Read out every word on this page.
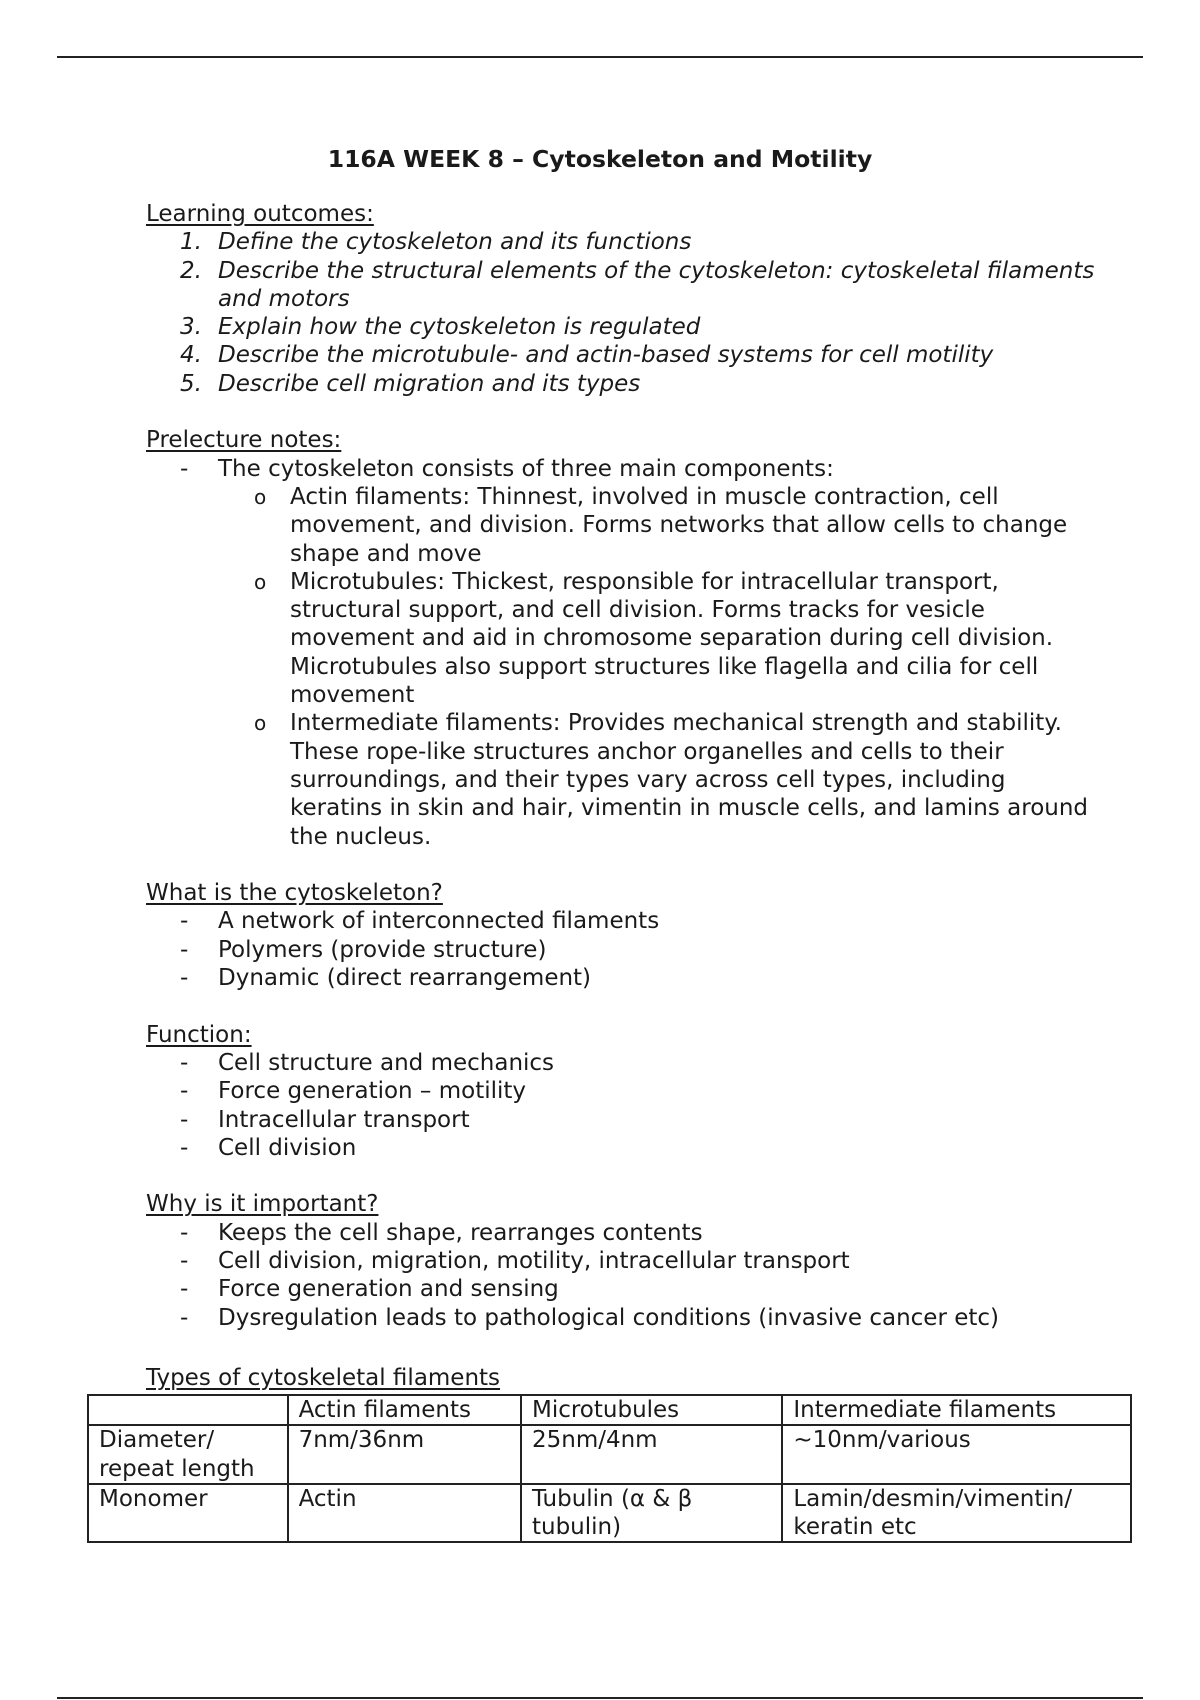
116A WEEK 8 – Cytoskeleton and Motility
Learning outcomes:
1. Define the cytoskeleton and its functions
2. Describe the structural elements of the cytoskeleton: cytoskeletal filaments and motors
3. Explain how the cytoskeleton is regulated
4. Describe the microtubule- and actin-based systems for cell motility
5. Describe cell migration and its types
Prelecture notes:
- The cytoskeleton consists of three main components:
o Actin filaments: Thinnest, involved in muscle contraction, cell movement, and division. Forms networks that allow cells to change shape and move
o Microtubules: Thickest, responsible for intracellular transport, structural support, and cell division. Forms tracks for vesicle movement and aid in chromosome separation during cell division. Microtubules also support structures like flagella and cilia for cell movement
o Intermediate filaments: Provides mechanical strength and stability. These rope-like structures anchor organelles and cells to their surroundings, and their types vary across cell types, including keratins in skin and hair, vimentin in muscle cells, and lamins around the nucleus.
What is the cytoskeleton?
- A network of interconnected filaments
- Polymers (provide structure)
- Dynamic (direct rearrangement)
Function:
- Cell structure and mechanics
- Force generation – motility
- Intracellular transport
- Cell division
Why is it important?
- Keeps the cell shape, rearranges contents
- Cell division, migration, motility, intracellular transport
- Force generation and sensing
- Dysregulation leads to pathological conditions (invasive cancer etc)
Types of cytoskeletal filaments
	Actin filaments	Microtubules	Intermediate filaments
Diameter/ repeat length	7nm/36nm	25nm/4nm	~10nm/various
Monomer	Actin	Tubulin (α & β tubulin)	Lamin/desmin/vimentin/ keratin etc
